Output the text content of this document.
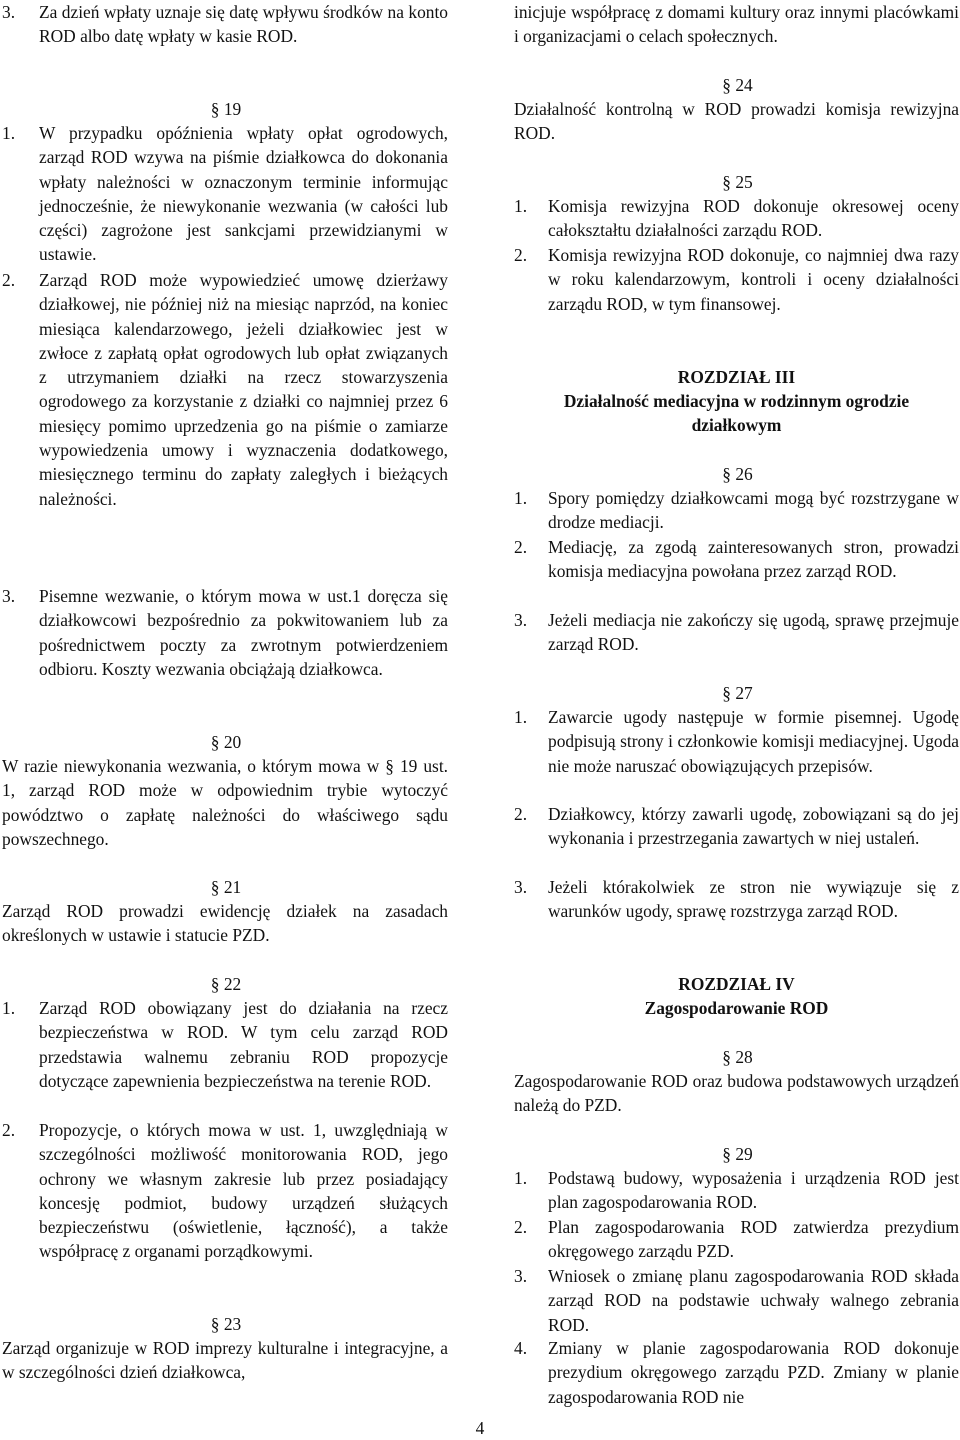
3.	Za dzień wpłaty uznaje się datę wpływu środków na konto ROD albo datę wpłaty w kasie ROD.
§ 19
1.	W przypadku opóźnienia wpłaty opłat ogrodowych, zarząd ROD wzywa na piśmie działkowca do dokonania wpłaty należności w oznaczonym terminie informując jednocześnie, że niewykonanie wezwania (w całości lub części) zagrożone jest sankcjami przewidzianymi w ustawie.
2.	Zarząd ROD może wypowiedzieć umowę dzierżawy działkowej, nie później niż na miesiąc naprzód, na koniec miesiąca kalendarzowego, jeżeli działkowiec jest w zwłoce z zapłatą opłat ogrodowych lub opłat związanych z utrzymaniem działki na rzecz stowarzyszenia ogrodowego za korzystanie z działki co najmniej przez 6 miesięcy pomimo uprzedzenia go na piśmie o zamiarze wypowiedzenia umowy i wyznaczenia dodatkowego, miesięcznego terminu do zapłaty zaległych i bieżących należności.
3.	Pisemne wezwanie, o którym mowa w ust.1 doręcza się działkowcowi bezpośrednio za pokwitowaniem lub za pośrednictwem poczty za zwrotnym potwierdzeniem odbioru. Koszty wezwania obciążają działkowca.
§ 20
W razie niewykonania wezwania, o którym mowa w § 19 ust. 1, zarząd ROD może w odpowiednim trybie wytoczyć powództwo o zapłatę należności do właściwego sądu powszechnego.
§ 21
Zarząd ROD prowadzi ewidencję działek na zasadach określonych w ustawie i statucie PZD.
§ 22
1.	Zarząd ROD obowiązany jest do działania na rzecz bezpieczeństwa w ROD. W tym celu zarząd ROD przedstawia walnemu zebraniu ROD propozycje dotyczące zapewnienia bezpieczeństwa na terenie ROD.
2.	Propozycje, o których mowa w ust. 1, uwzględniają w szczególności możliwość monitorowania ROD, jego ochrony we własnym zakresie lub przez posiadający koncesję podmiot, budowy urządzeń służących bezpieczeństwu (oświetlenie, łączność), a także współpracę z organami porządkowymi.
§ 23
Zarząd organizuje w ROD imprezy kulturalne i integracyjne, a w szczególności dzień działkowca,
inicjuje współpracę z domami kultury oraz innymi placówkami i organizacjami o celach społecznych.
§ 24
Działalność kontrolną w ROD prowadzi komisja rewizyjna ROD.
§ 25
1.	Komisja rewizyjna ROD dokonuje okresowej oceny całokształtu działalności zarządu ROD.
2.	Komisja rewizyjna ROD dokonuje, co najmniej dwa razy w roku kalendarzowym, kontroli i oceny działalności zarządu ROD, w tym finansowej.
ROZDZIAŁ III
Działalność mediacyjna w rodzinnym ogrodzie działkowym
§ 26
1.	Spory pomiędzy działkowcami mogą być rozstrzygane w drodze mediacji.
2.	Mediację, za zgodą zainteresowanych stron, prowadzi komisja mediacyjna powołana przez zarząd ROD.
3.	Jeżeli mediacja nie zakończy się ugodą, sprawę przejmuje zarząd ROD.
§ 27
1.	Zawarcie ugody następuje w formie pisemnej. Ugodę podpisują strony i członkowie komisji mediacyjnej. Ugoda nie może naruszać obowiązujących przepisów.
2.	Działkowcy, którzy zawarli ugodę, zobowiązani są do jej wykonania i przestrzegania zawartych w niej ustaleń.
3.	Jeżeli którakolwiek ze stron nie wywiązuje się z warunków ugody, sprawę rozstrzyga zarząd ROD.
ROZDZIAŁ IV
Zagospodarowanie ROD
§ 28
Zagospodarowanie ROD oraz budowa podstawowych urządzeń należą do PZD.
§ 29
1.	Podstawą budowy, wyposażenia i urządzenia ROD jest plan zagospodarowania ROD.
2.	Plan zagospodarowania ROD zatwierdza prezydium okręgowego zarządu PZD.
3.	Wniosek o zmianę planu zagospodarowania ROD składa zarząd ROD na podstawie uchwały walnego zebrania ROD.
4.	Zmiany w planie zagospodarowania ROD dokonuje prezydium okręgowego zarządu PZD. Zmiany w planie zagospodarowania ROD nie
4
